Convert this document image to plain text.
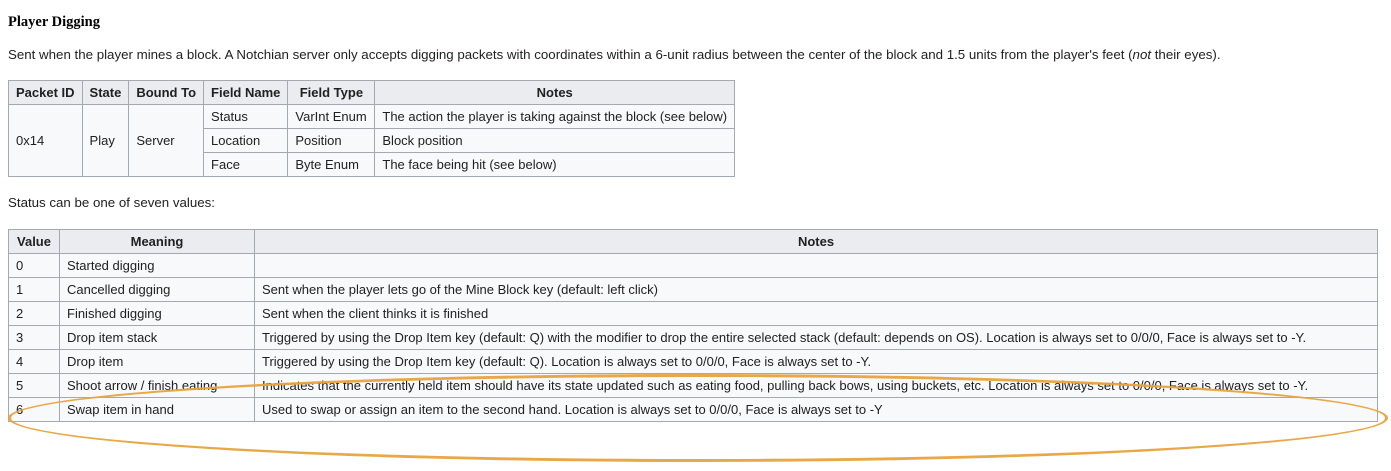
Player Digging

Sent when the player mines a block. A Notchian server only accepts digging packets with coordinates within a 6-unit radius between the center of the block and 1.5 units from the player's feet (not their eyes).

Packet ID	State	Bound To	Field Name	Field Type	Notes
0x14	Play	Server	Status	VarInt Enum	The action the player is taking against the block (see below)
			Location	Position	Block position
			Face	Byte Enum	The face being hit (see below)

Status can be one of seven values:

Value	Meaning	Notes
0	Started digging	
1	Cancelled digging	Sent when the player lets go of the Mine Block key (default: left click)
2	Finished digging	Sent when the client thinks it is finished
3	Drop item stack	Triggered by using the Drop Item key (default: Q) with the modifier to drop the entire selected stack (default: depends on OS). Location is always set to 0/0/0, Face is always set to -Y.
4	Drop item	Triggered by using the Drop Item key (default: Q). Location is always set to 0/0/0, Face is always set to -Y.
5	Shoot arrow / finish eating	Indicates that the currently held item should have its state updated such as eating food, pulling back bows, using buckets, etc. Location is always set to 0/0/0, Face is always set to -Y.
6	Swap item in hand	Used to swap or assign an item to the second hand. Location is always set to 0/0/0, Face is always set to -Y
